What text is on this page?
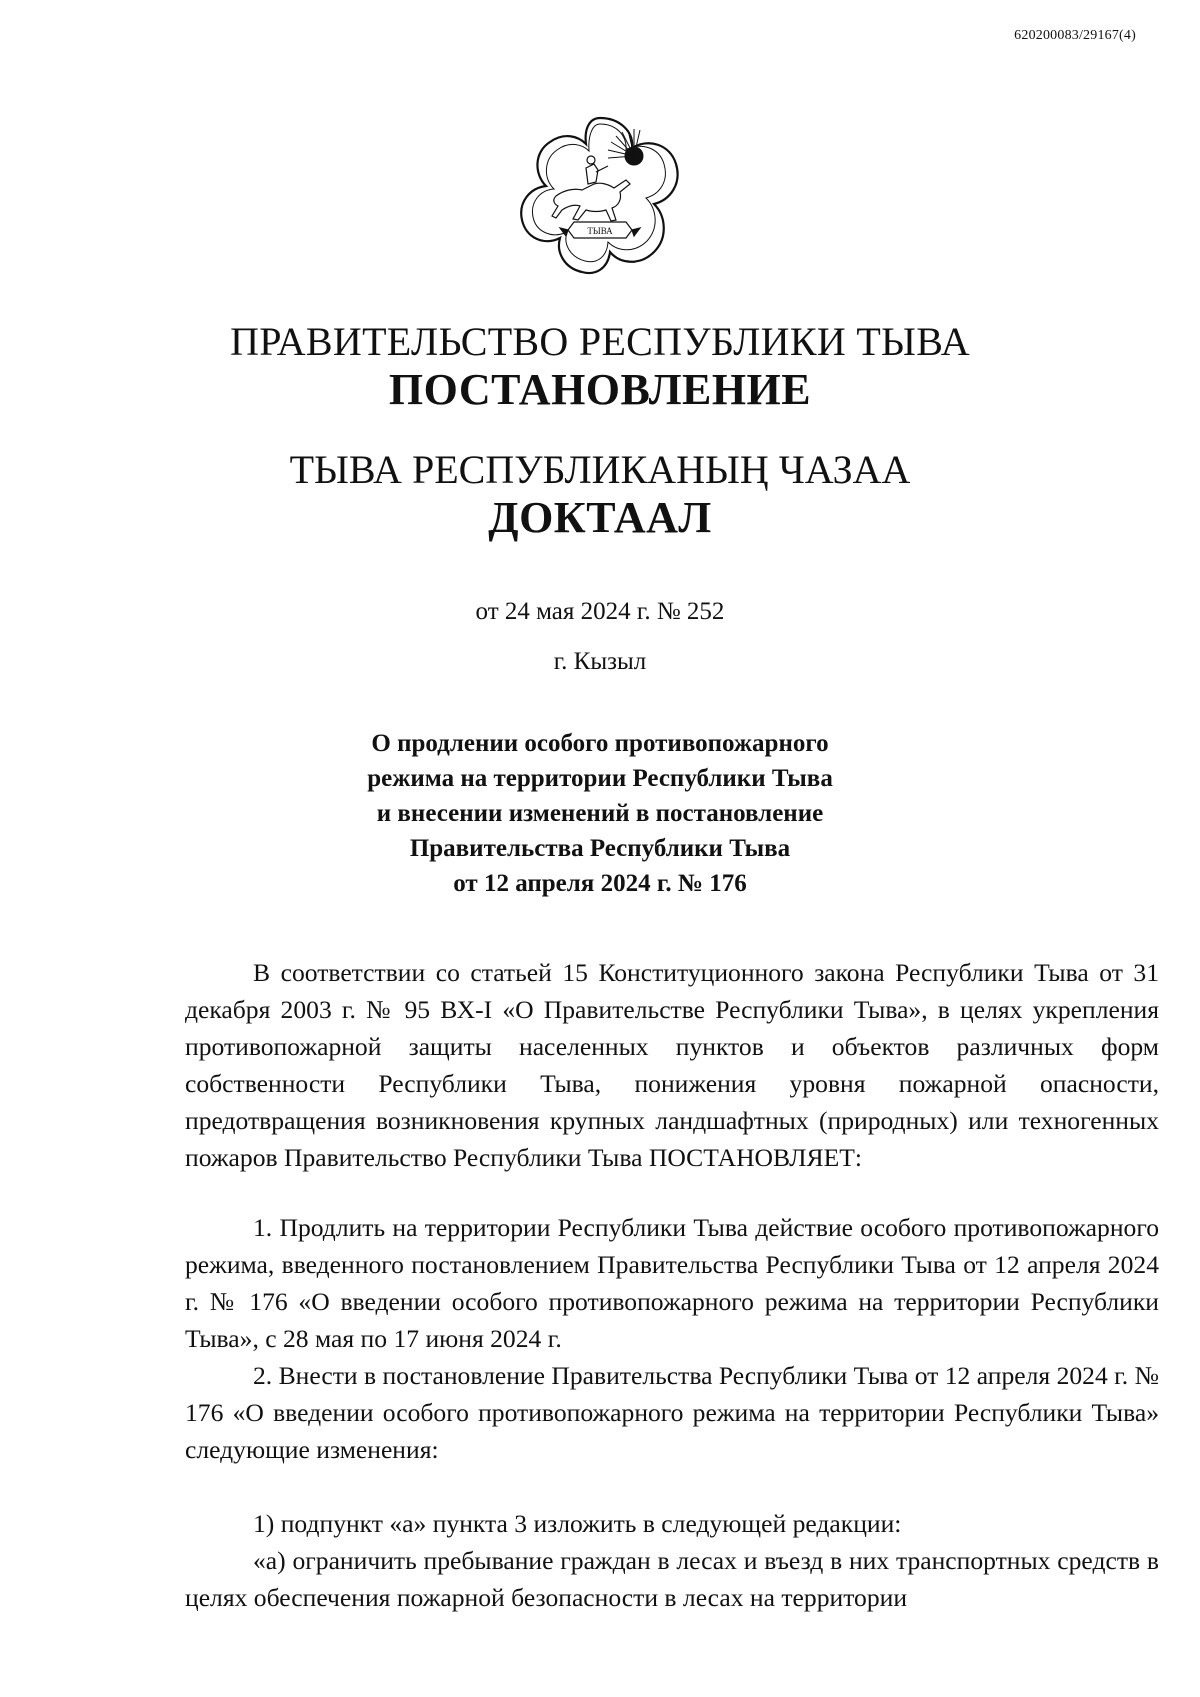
620200083/29167(4)
ТЫВА
ПРАВИТЕЛЬСТВО РЕСПУБЛИКИ ТЫВА
ПОСТАНОВЛЕНИЕ
ТЫВА РЕСПУБЛИКАНЫҢ ЧАЗАА
ДОКТААЛ
от 24 мая 2024 г. № 252
г. Кызыл
О продлении особого противопожарного
режима на территории Республики Тыва
и внесении изменений в постановление
Правительства Республики Тыва
от 12 апреля 2024 г. № 176

В соответствии со статьей 15 Конституционного закона Республики Тыва от 31 декабря 2003 г. № 95 ВХ-I «О Правительстве Республики Тыва», в целях укрепления противопожарной защиты населенных пунктов и объектов различных форм собственности Республики Тыва, понижения уровня пожарной опасности, предотвращения возникновения крупных ландшафтных (природных) или техногенных пожаров Правительство Республики Тыва ПОСТАНОВЛЯЕТ:

1. Продлить на территории Республики Тыва действие особого противопожарного режима, введенного постановлением Правительства Республики Тыва от 12 апреля 2024 г. № 176 «О введении особого противопожарного режима на территории Республики Тыва», с 28 мая по 17 июня 2024 г.

2. Внести в постановление Правительства Республики Тыва от 12 апреля 2024 г. № 176 «О введении особого противопожарного режима на территории Республики Тыва» следующие изменения:

1) подпункт «а» пункта 3 изложить в следующей редакции:

«а) ограничить пребывание граждан в лесах и въезд в них транспортных средств в целях обеспечения пожарной безопасности в лесах на территории
